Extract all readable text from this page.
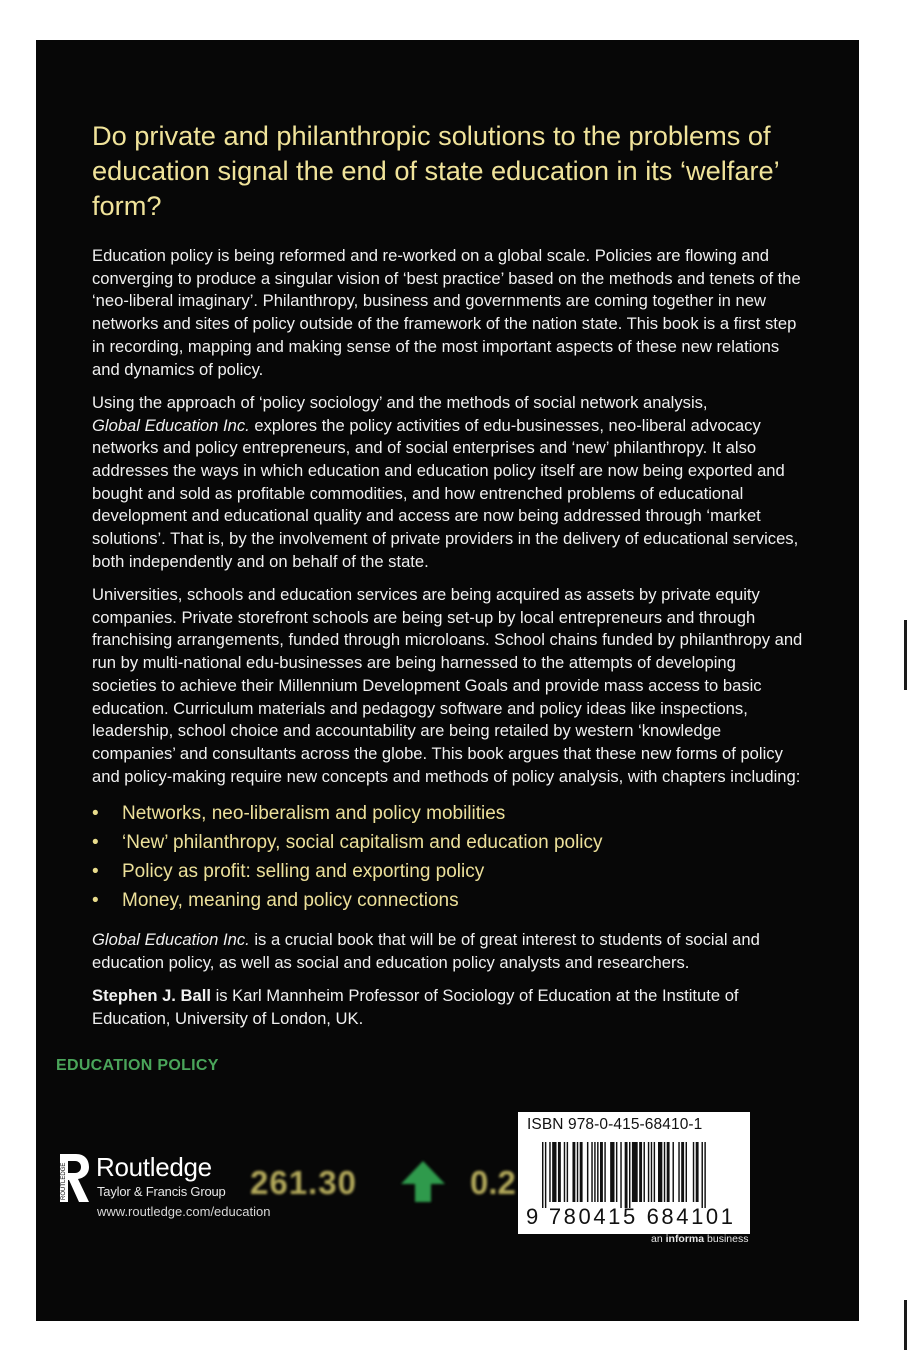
Do private and philanthropic solutions to the problems of education signal the end of state education in its ‘welfare’ form?

Education policy is being reformed and re-worked on a global scale. Policies are flowing and converging to produce a singular vision of ‘best practice’ based on the methods and tenets of the ‘neo-liberal imaginary’. Philanthropy, business and governments are coming together in new networks and sites of policy outside of the framework of the nation state. This book is a first step in recording, mapping and making sense of the most important aspects of these new relations and dynamics of policy.

Using the approach of ‘policy sociology’ and the methods of social network analysis,
Global Education Inc. explores the policy activities of edu-businesses, neo-liberal advocacy networks and policy entrepreneurs, and of social enterprises and ‘new’ philanthropy. It also addresses the ways in which education and education policy itself are now being exported and bought and sold as profitable commodities, and how entrenched problems of educational development and educational quality and access are now being addressed through ‘market solutions’. That is, by the involvement of private providers in the delivery of educational services, both independently and on behalf of the state.

Universities, schools and education services are being acquired as assets by private equity companies. Private storefront schools are being set-up by local entrepreneurs and through franchising arrangements, funded through microloans. School chains funded by philanthropy and run by multi-national edu-businesses are being harnessed to the attempts of developing societies to achieve their Millennium Development Goals and provide mass access to basic education. Curriculum materials and pedagogy software and policy ideas like inspections, leadership, school choice and accountability are being retailed by western ‘knowledge companies’ and consultants across the globe. This book argues that these new forms of policy and policy-making require new concepts and methods of policy analysis, with chapters including:

• Networks, neo-liberalism and policy mobilities
• ‘New’ philanthropy, social capitalism and education policy
• Policy as profit: selling and exporting policy
• Money, meaning and policy connections

Global Education Inc. is a crucial book that will be of great interest to students of social and education policy, as well as social and education policy analysts and researchers.

Stephen J. Ball is Karl Mannheim Professor of Sociology of Education at the Institute of Education, University of London, UK.

EDUCATION POLICY
ROUTLEDGE Routledge
Taylor & Francis Group
www.routledge.com/education
261.30	0.2
ISBN 978-0-415-68410-1
9 780415 684101
an informa business
